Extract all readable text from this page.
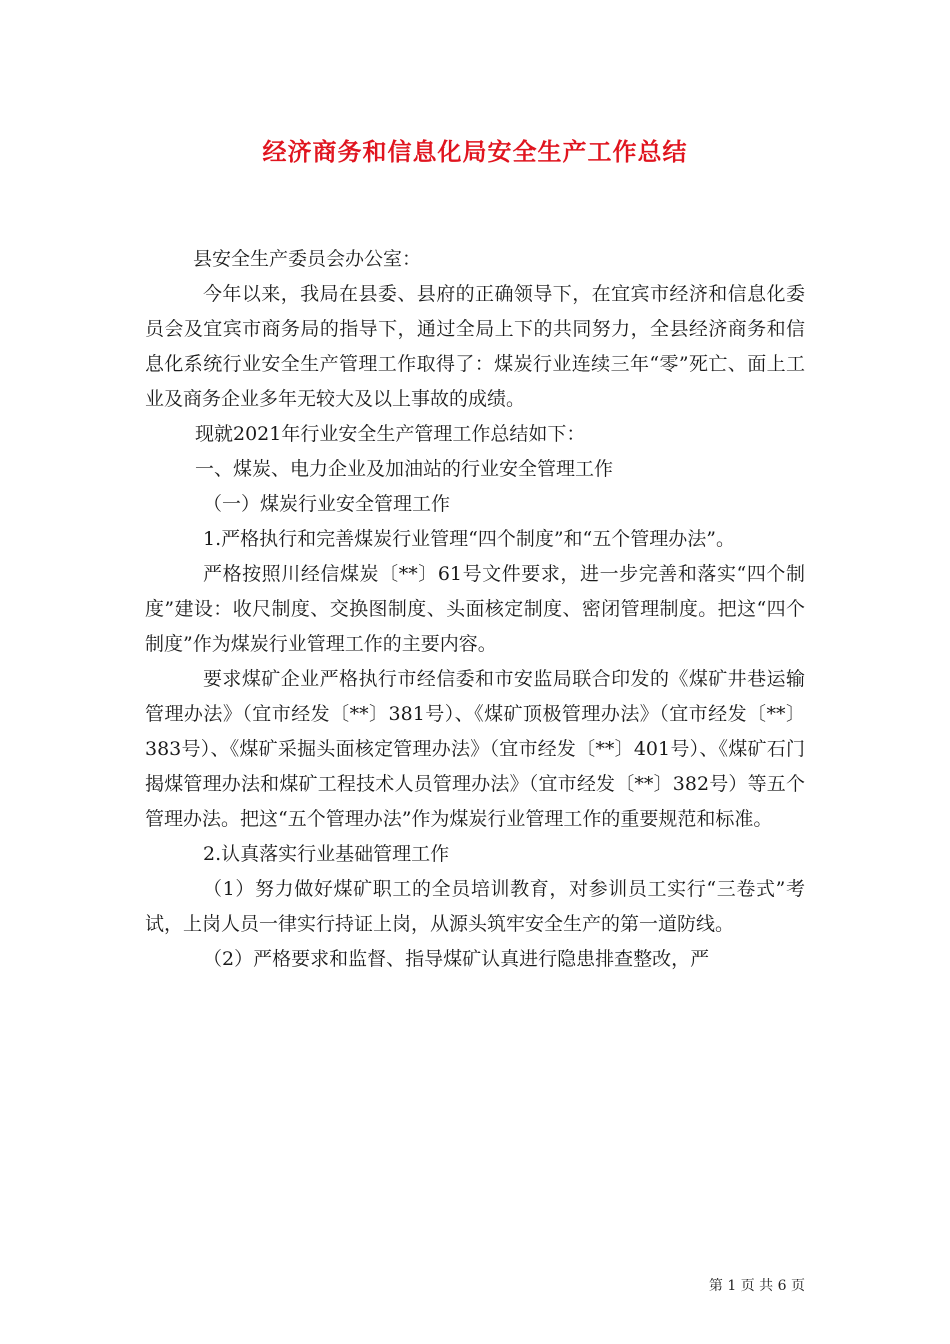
经济商务和信息化局安全生产工作总结

县安全生产委员会办公室：

今年以来，我局在县委、县府的正确领导下，在宜宾市经济和信息化委员会及宜宾市商务局的指导下，通过全局上下的共同努力，全县经济商务和信息化系统行业安全生产管理工作取得了：煤炭行业连续三年“零”死亡、面上工业及商务企业多年无较大及以上事故的成绩。

现就2021年行业安全生产管理工作总结如下：

一、煤炭、电力企业及加油站的行业安全管理工作

（一）煤炭行业安全管理工作

1.严格执行和完善煤炭行业管理“四个制度”和“五个管理办法”。

严格按照川经信煤炭〔**〕61号文件要求，进一步完善和落实“四个制度”建设：收尺制度、交换图制度、头面核定制度、密闭管理制度。把这“四个制度”作为煤炭行业管理工作的主要内容。

要求煤矿企业严格执行市经信委和市安监局联合印发的《煤矿井巷运输管理办法》（宜市经发〔**〕381号）、《煤矿顶极管理办法》（宜市经发〔**〕383号）、《煤矿采掘头面核定管理办法》（宜市经发〔**〕401号）、《煤矿石门揭煤管理办法和煤矿工程技术人员管理办法》（宜市经发〔**〕382号）等五个管理办法。把这“五个管理办法”作为煤炭行业管理工作的重要规范和标准。

2.认真落实行业基础管理工作

（1）努力做好煤矿职工的全员培训教育，对参训员工实行“三卷式”考试，上岗人员一律实行持证上岗，从源头筑牢安全生产的第一道防线。

（2）严格要求和监督、指导煤矿认真进行隐患排查整改，严

第 1 页 共 6 页
